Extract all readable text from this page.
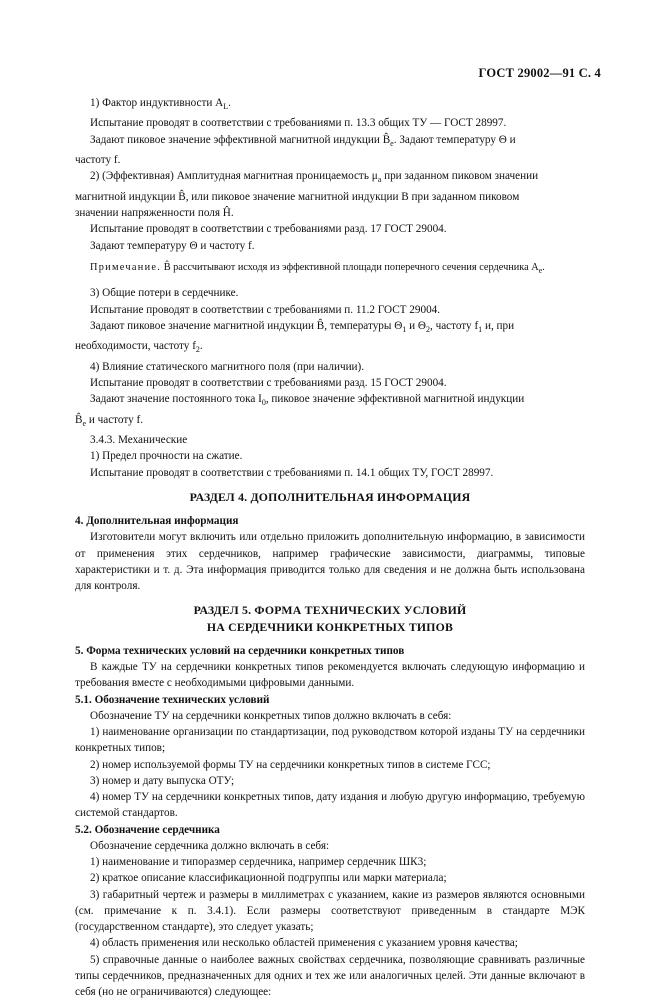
ГОСТ 29002—91 С. 4

1) Фактор индуктивности $A_L$.

Испытание проводят в соответствии с требованиями п. 13.3 общих ТУ — ГОСТ 28997.

Задают пиковое значение эффективной магнитной индукции $B̂_e$. Задают температуру Θ и

частоту f.

2) (Эффективная) Амплитудная магнитная проницаемость $\mu_a$ при заданном пиковом значении

магнитной индукции B̂, или пиковое значение магнитной индукции B при заданном пиковом

значении напряженности поля Ĥ.

Испытание проводят в соответствии с требованиями разд. 17 ГОСТ 29004.

Задают температуру Θ и частоту f.

Примечание. B̂ рассчитывают исходя из эффективной площади поперечного сечения сердечника $A_e$.

3) Общие потери в сердечнике.

Испытание проводят в соответствии с требованиями п. 11.2 ГОСТ 29004.

Задают пиковое значение магнитной индукции B̂, температуры $\Theta_1$ и $\Theta_2$, частоту $f_1$ и, при

необходимости, частоту $f_2$.

4) Влияние статического магнитного поля (при наличии).

Испытание проводят в соответствии с требованиями разд. 15 ГОСТ 29004.

Задают значение постоянного тока $I_0$, пиковое значение эффективной магнитной индукции

$B̂_e$ и частоту f.

3.4.3. Механические

1) Предел прочности на сжатие.

Испытание проводят в соответствии с требованиями п. 14.1 общих ТУ, ГОСТ 28997.

РАЗДЕЛ 4. ДОПОЛНИТЕЛЬНАЯ ИНФОРМАЦИЯ

4. Дополнительная информация

Изготовители могут включить или отдельно приложить дополнительную информацию, в зависимости от применения этих сердечников, например графические зависимости, диаграммы, типовые характеристики и т. д. Эта информация приводится только для сведения и не должна быть использована для контроля.

РАЗДЕЛ 5. ФОРМА ТЕХНИЧЕСКИХ УСЛОВИЙ

НА СЕРДЕЧНИКИ КОНКРЕТНЫХ ТИПОВ

5. Форма технических условий на сердечники конкретных типов

В каждые ТУ на сердечники конкретных типов рекомендуется включать следующую информацию и требования вместе с необходимыми цифровыми данными.

5.1. Обозначение технических условий

Обозначение ТУ на сердечники конкретных типов должно включать в себя:

1) наименование организации по стандартизации, под руководством которой изданы ТУ на сердечники конкретных типов;

2) номер используемой формы ТУ на сердечники конкретных типов в системе ГСС;

3) номер и дату выпуска ОТУ;

4) номер ТУ на сердечники конкретных типов, дату издания и любую другую информацию, требуемую системой стандартов.

5.2. Обозначение сердечника

Обозначение сердечника должно включать в себя:

1) наименование и типоразмер сердечника, например сердечник ШК3;

2) краткое описание классификационной подгруппы или марки материала;

3) габаритный чертеж и размеры в миллиметрах с указанием, какие из размеров являются основными (см. примечание к п. 3.4.1). Если размеры соответствуют приведенным в стандарте МЭК (государственном стандарте), это следует указать;

4) область применения или несколько областей применения с указанием уровня качества;

5) справочные данные о наиболее важных свойствах сердечника, позволяющие сравнивать различные типы сердечников, предназначенных для одних и тех же или аналогичных целей. Эти данные включают в себя (но не ограничиваются) следующее:
